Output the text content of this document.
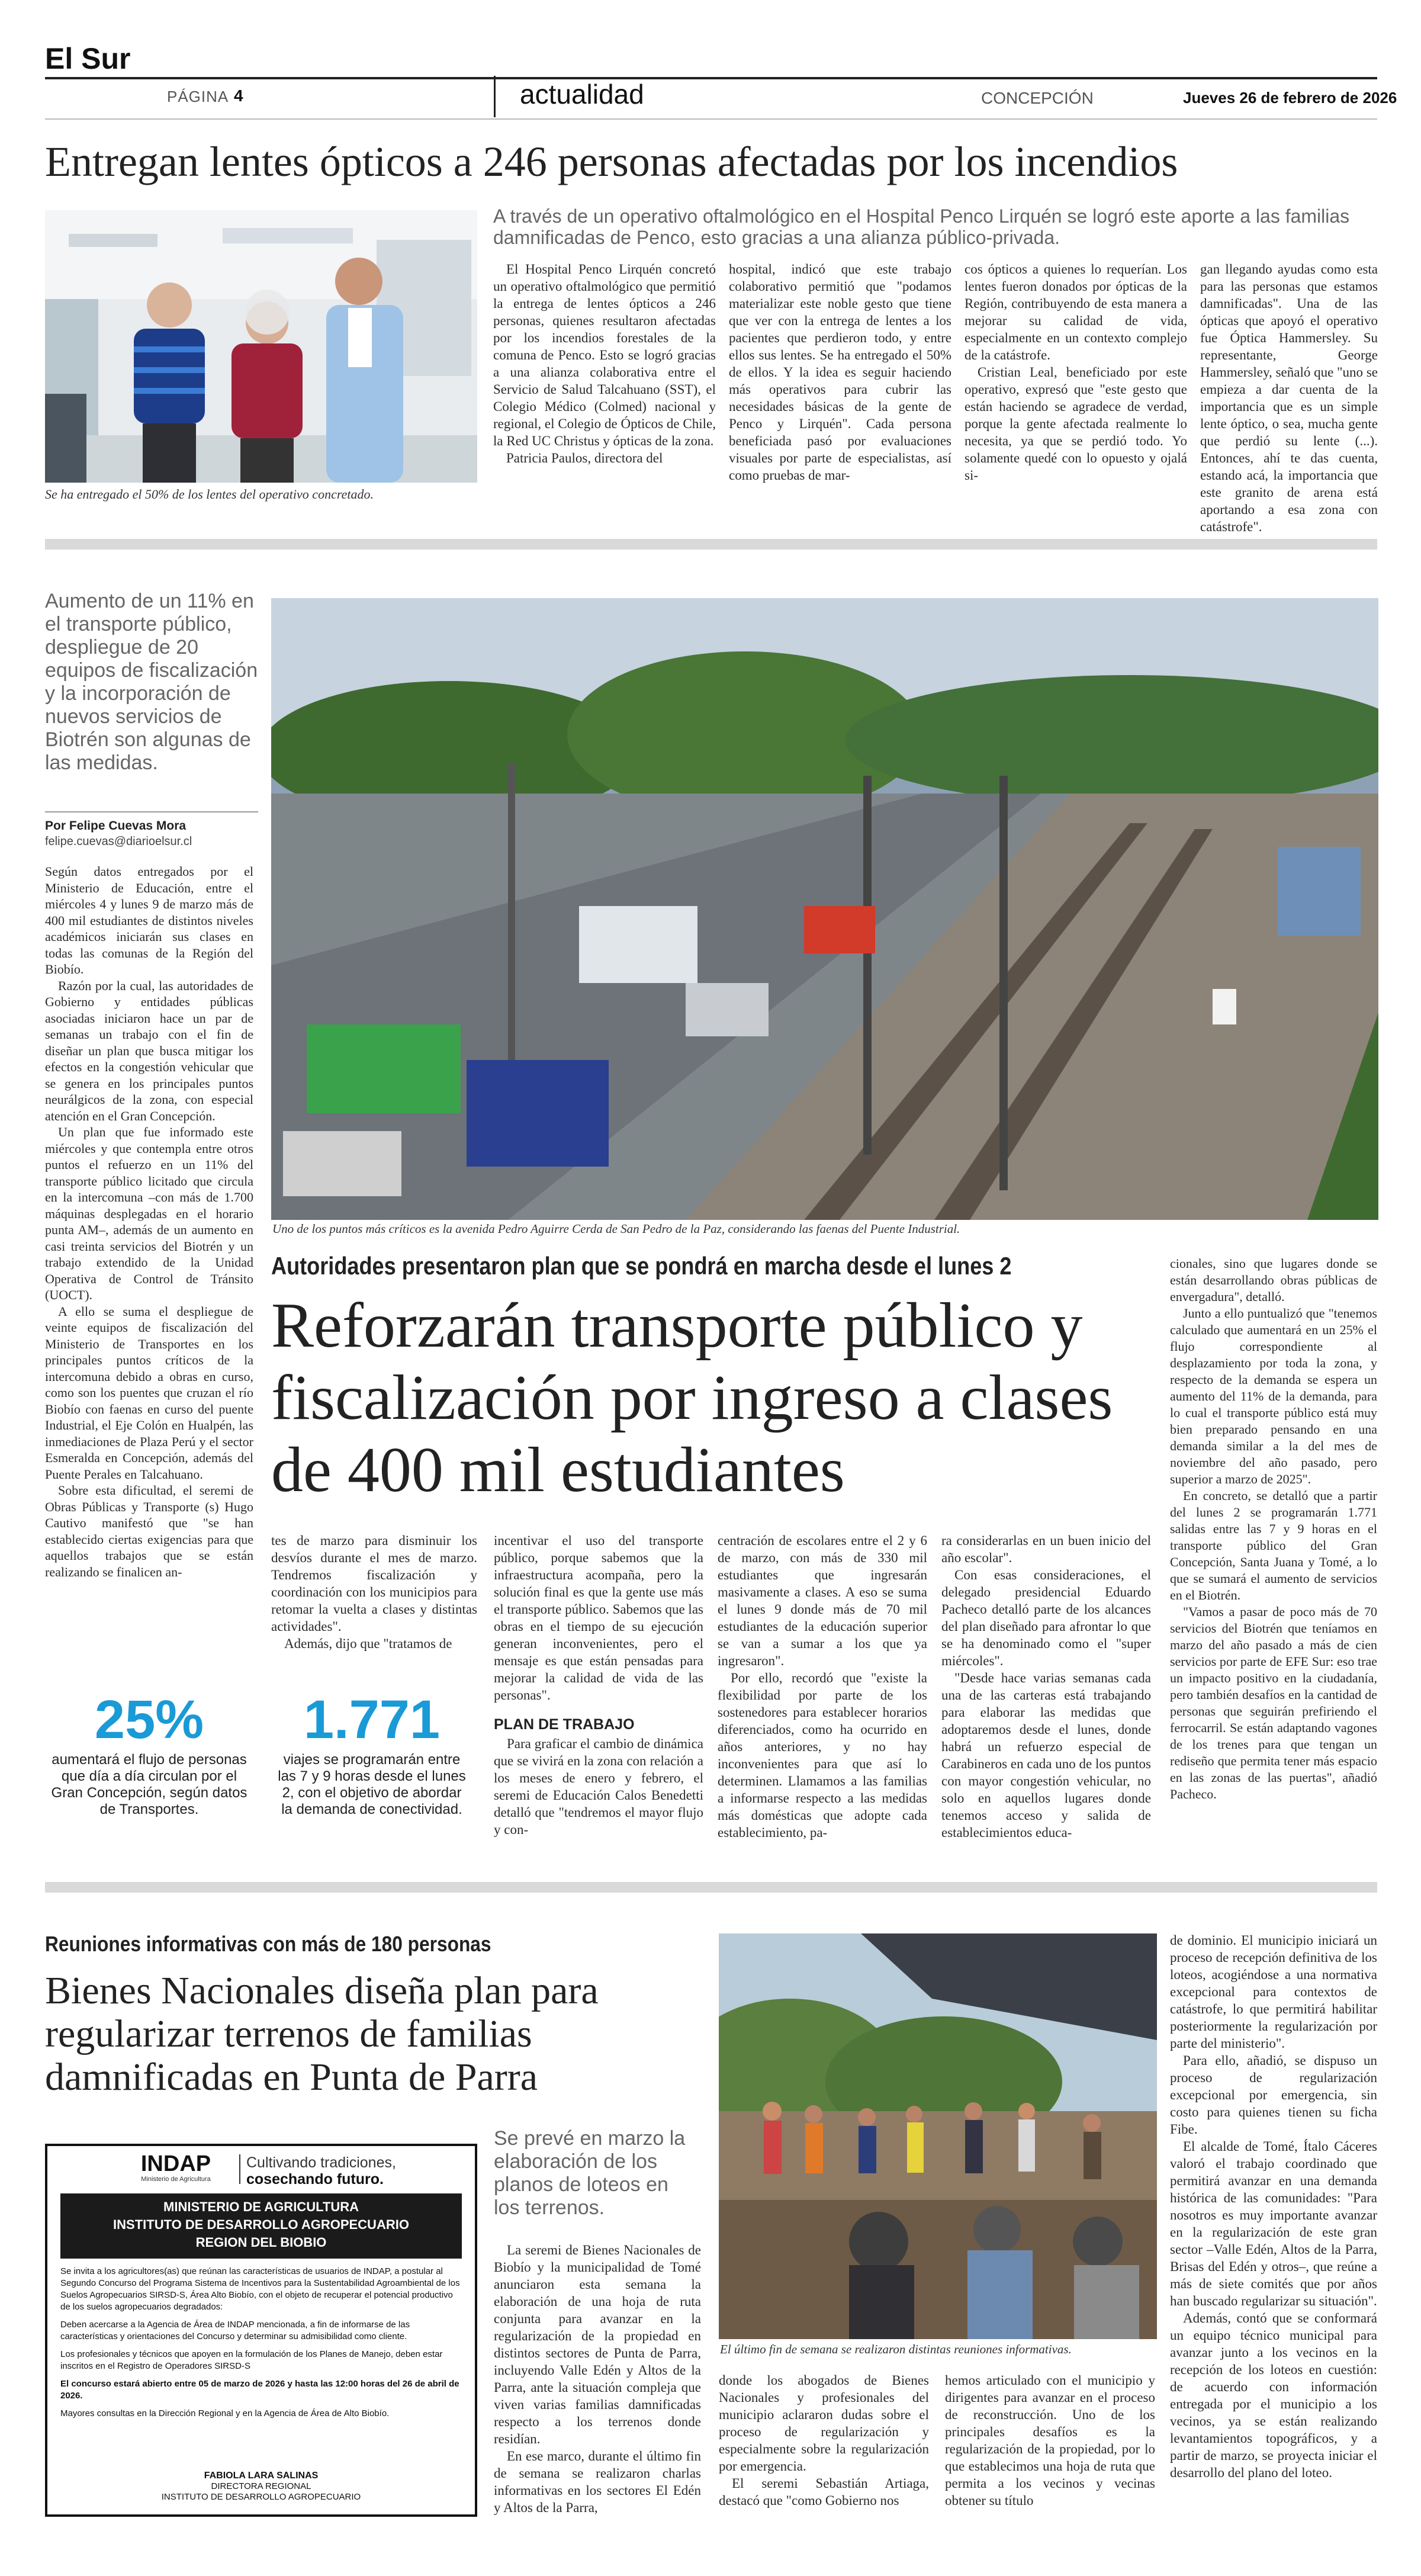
El Sur
PÁGINA 4	actualidad	CONCEPCIÓN	Jueves 26 de febrero de 2026
Entregan lentes ópticos a 246 personas afectadas por los incendios
Se ha entregado el 50% de los lentes del operativo concretado.
A través de un operativo oftalmológico en el Hospital Penco Lirquén se logró este aporte a las familias damnificadas de Penco, esto gracias a una alianza público-privada.

El Hospital Penco Lirquén concretó un operativo oftalmológico que permitió la entrega de lentes ópticos a 246 personas, quienes resultaron afectadas por los incendios forestales de la comuna de Penco. Esto se logró gracias a una alianza colaborativa entre el Servicio de Salud Talcahuano (SST), el Colegio Médico (Colmed) nacional y regional, el Colegio de Ópticos de Chile, la Red UC Christus y ópticas de la zona.

Patricia Paulos, directora del

hospital, indicó que este trabajo colaborativo permitió que "podamos materializar este noble gesto que tiene que ver con la entrega de lentes a los pacientes que perdieron todo, y entre ellos sus lentes. Se ha entregado el 50% de ellos. Y la idea es seguir haciendo más operativos para cubrir las necesidades básicas de la gente de Penco y Lirquén". Cada persona beneficiada pasó por evaluaciones visuales por parte de especialistas, así como pruebas de mar-

cos ópticos a quienes lo requerían. Los lentes fueron donados por ópticas de la Región, contribuyendo de esta manera a mejorar su calidad de vida, especialmente en un contexto complejo de la catástrofe.

Cristian Leal, beneficiado por este operativo, expresó que "este gesto que están haciendo se agradece de verdad, porque la gente afectada realmente lo necesita, ya que se perdió todo. Yo solamente quedé con lo opuesto y ojalá si-

gan llegando ayudas como esta para las personas que estamos damnificadas". Una de las ópticas que apoyó el operativo fue Óptica Hammersley. Su representante, George Hammersley, señaló que "uno se empieza a dar cuenta de la importancia que es un simple lente óptico, o sea, mucha gente que perdió su lente (...). Entonces, ahí te das cuenta, estando acá, la importancia que este granito de arena está aportando a esa zona con catástrofe".

Aumento de un 11% en el transporte público, despliegue de 20 equipos de fiscalización y la incorporación de nuevos servicios de Biotrén son algunas de las medidas.
Por Felipe Cuevas Mora
felipe.cuevas@diarioelsur.cl

Según datos entregados por el Ministerio de Educación, entre el miércoles 4 y lunes 9 de marzo más de 400 mil estudiantes de distintos niveles académicos iniciarán sus clases en todas las comunas de la Región del Biobío.

Razón por la cual, las autoridades de Gobierno y entidades públicas asociadas iniciaron hace un par de semanas un trabajo con el fin de diseñar un plan que busca mitigar los efectos en la congestión vehicular que se genera en los principales puntos neurálgicos de la zona, con especial atención en el Gran Concepción.

Un plan que fue informado este miércoles y que contempla entre otros puntos el refuerzo en un 11% del transporte público licitado que circula en la intercomuna –con más de 1.700 máquinas desplegadas en el horario punta AM–, además de un aumento en casi treinta servicios del Biotrén y un trabajo extendido de la Unidad Operativa de Control de Tránsito (UOCT).

A ello se suma el despliegue de veinte equipos de fiscalización del Ministerio de Transportes en los principales puntos críticos de la intercomuna debido a obras en curso, como son los puentes que cruzan el río Biobío con faenas en curso del puente Industrial, el Eje Colón en Hualpén, las inmediaciones de Plaza Perú y el sector Esmeralda en Concepción, además del Puente Perales en Talcahuano.

Sobre esta dificultad, el seremi de Obras Públicas y Transporte (s) Hugo Cautivo manifestó que "se han establecido ciertas exigencias para que aquellos trabajos que se están realizando se finalicen an-

Uno de los puntos más críticos es la avenida Pedro Aguirre Cerda de San Pedro de la Paz, considerando las faenas del Puente Industrial.
Autoridades presentaron plan que se pondrá en marcha desde el lunes 2
Reforzarán transporte público y fiscalización por ingreso a clases de 400 mil estudiantes

tes de marzo para disminuir los desvíos durante el mes de marzo. Tendremos fiscalización y coordinación con los municipios para retomar la vuelta a clases y distintas actividades".

Además, dijo que "tratamos de

incentivar el uso del transporte público, porque sabemos que la infraestructura acompaña, pero la solución final es que la gente use más el transporte público. Sabemos que las obras en el tiempo de su ejecución generan inconvenientes, pero el mensaje es que están pensadas para mejorar la calidad de vida de las personas".

PLAN DE TRABAJO

Para graficar el cambio de dinámica que se vivirá en la zona con relación a los meses de enero y febrero, el seremi de Educación Calos Benedetti detalló que "tendremos el mayor flujo y con-

centración de escolares entre el 2 y 6 de marzo, con más de 330 mil estudiantes que ingresarán masivamente a clases. A eso se suma el lunes 9 donde más de 70 mil estudiantes de la educación superior se van a sumar a los que ya ingresaron".

Por ello, recordó que "existe la flexibilidad por parte de los sostenedores para establecer horarios diferenciados, como ha ocurrido en años anteriores, y no hay inconvenientes para que así lo determinen. Llamamos a las familias a informarse respecto a las medidas más domésticas que adopte cada establecimiento, pa-

ra considerarlas en un buen inicio del año escolar".

Con esas consideraciones, el delegado presidencial Eduardo Pacheco detalló parte de los alcances del plan diseñado para afrontar lo que se ha denominado como el "super miércoles".

"Desde hace varias semanas cada una de las carteras está trabajando para elaborar las medidas que adoptaremos desde el lunes, donde habrá un refuerzo especial de Carabineros en cada uno de los puntos con mayor congestión vehicular, no solo en aquellos lugares donde tenemos acceso y salida de establecimientos educa-

cionales, sino que lugares donde se están desarrollando obras públicas de envergadura", detalló.

Junto a ello puntualizó que "tenemos calculado que aumentará en un 25% el flujo correspondiente al desplazamiento por toda la zona, y respecto de la demanda se espera un aumento del 11% de la demanda, para lo cual el transporte público está muy bien preparado pensando en una demanda similar a la del mes de noviembre del año pasado, pero superior a marzo de 2025".

En concreto, se detalló que a partir del lunes 2 se programarán 1.771 salidas entre las 7 y 9 horas en el transporte público del Gran Concepción, Santa Juana y Tomé, a lo que se sumará el aumento de servicios en el Biotrén.

"Vamos a pasar de poco más de 70 servicios del Biotrén que teníamos en marzo del año pasado a más de cien servicios por parte de EFE Sur: eso trae un impacto positivo en la ciudadanía, pero también desafíos en la cantidad de personas que seguirán prefiriendo el ferrocarril. Se están adaptando vagones de los trenes para que tengan un rediseño que permita tener más espacio en las zonas de las puertas", añadió Pacheco.

25%
aumentará el flujo de personas que día a día circulan por el Gran Concepción, según datos de Transportes.
1.771
viajes se programarán entre las 7 y 9 horas desde el lunes 2, con el objetivo de abordar la demanda de conectividad.
Reuniones informativas con más de 180 personas
Bienes Nacionales diseña plan para regularizar terrenos de familias damnificadas en Punta de Parra
INDAP
Ministerio de Agricultura
Cultivando tradiciones,
cosechando futuro.
MINISTERIO DE AGRICULTURA
INSTITUTO DE DESARROLLO AGROPECUARIO
REGION DEL BIOBIO

Se invita a los agricultores(as) que reúnan las características de usuarios de INDAP, a postular al Segundo Concurso del Programa Sistema de Incentivos para la Sustentabilidad Agroambiental de los Suelos Agropecuarios SIRSD-S, Área Alto Biobío, con el objeto de recuperar el potencial productivo de los suelos agropecuarios degradados:

Deben acercarse a la Agencia de Área de INDAP mencionada, a fin de informarse de las características y orientaciones del Concurso y determinar su admisibilidad como cliente.

Los profesionales y técnicos que apoyen en la formulación de los Planes de Manejo, deben estar inscritos en el Registro de Operadores SIRSD-S

El concurso estará abierto entre 05 de marzo de 2026 y hasta las 12:00 horas del 26 de abril de 2026.

Mayores consultas en la Dirección Regional y en la Agencia de Área de Alto Biobío.

FABIOLA LARA SALINAS
DIRECTORA REGIONAL
INSTITUTO DE DESARROLLO AGROPECUARIO
Se prevé en marzo la elaboración de los planos de loteos en los terrenos.

La seremi de Bienes Nacionales de Biobío y la municipalidad de Tomé anunciaron esta semana la elaboración de una hoja de ruta conjunta para avanzar en la regularización de la propiedad en distintos sectores de Punta de Parra, incluyendo Valle Edén y Altos de la Parra, ante la situación compleja que viven varias familias damnificadas respecto a los terrenos donde residían.

En ese marco, durante el último fin de semana se realizaron charlas informativas en los sectores El Edén y Altos de la Parra,

El último fin de semana se realizaron distintas reuniones informativas.

donde los abogados de Bienes Nacionales y profesionales del municipio aclararon dudas sobre el proceso de regularización y especialmente sobre la regularización por emergencia.

El seremi Sebastián Artiaga, destacó que "como Gobierno nos

hemos articulado con el municipio y dirigentes para avanzar en el proceso de reconstrucción. Uno de los principales desafíos es la regularización de la propiedad, por lo que establecimos una hoja de ruta que permita a los vecinos y vecinas obtener su título

de dominio. El municipio iniciará un proceso de recepción definitiva de los loteos, acogiéndose a una normativa excepcional para contextos de catástrofe, lo que permitirá habilitar posteriormente la regularización por parte del ministerio".

Para ello, añadió, se dispuso un proceso de regularización excepcional por emergencia, sin costo para quienes tienen su ficha Fibe.

El alcalde de Tomé, Ítalo Cáceres valoró el trabajo coordinado que permitirá avanzar en una demanda histórica de las comunidades: "Para nosotros es muy importante avanzar en la regularización de este gran sector –Valle Edén, Altos de la Parra, Brisas del Edén y otros–, que reúne a más de siete comités que por años han buscado regularizar su situación".

Además, contó que se conformará un equipo técnico municipal para avanzar junto a los vecinos en la recepción de los loteos en cuestión: de acuerdo con información entregada por el municipio a los vecinos, ya se están realizando levantamientos topográficos, y a partir de marzo, se proyecta iniciar el desarrollo del plano del loteo.
